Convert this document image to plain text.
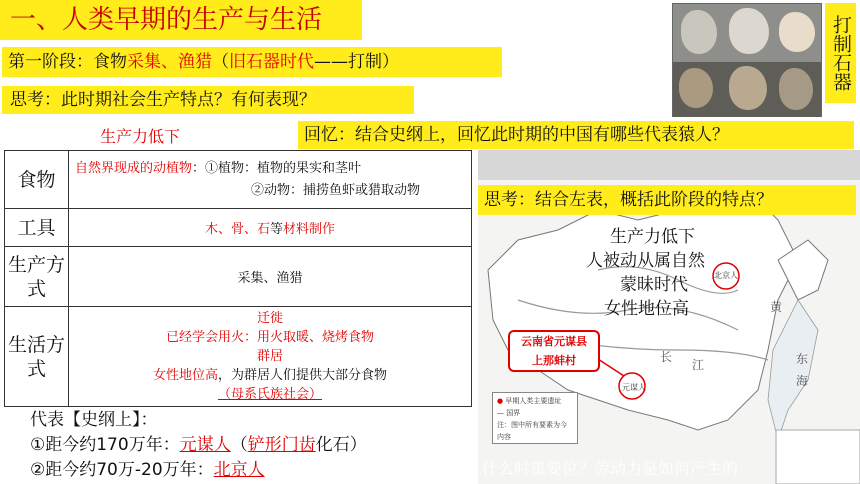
一、人类早期的生产与生活
第一阶段：食物采集、渔猎（旧石器时代——打制）
思考：此时期社会生产特点？有何表现？
生产力低下
食物	自然界现成的动植物：①植物：植物的果实和茎叶
②动物：捕捞鱼虾或猎取动物

工具	木、骨、石等材料制作
生产方式	采集、渔猎
生活方式	迁徙
已经学会用火：用火取暖、烧烤食物
群居
女性地位高，为群居人们提供大部分食物
（母系氏族社会）
代表【史纲上】：
①距今约170万年：元谋人（铲形门齿化石）
②距今约70万-20万年：北京人
打制石器
北京人
元谋人
黄
东
海
长
江
回忆：结合史纲上，回忆此时期的中国有哪些代表猿人？
思考：结合左表，概括此阶段的特点？
生产力低下
人被动从属自然
蒙昧时代
女性地位高
云南省元谋县
上那蚌村
● 早期人类主要遗址
— 国界
注：图中所有要素为今内容
什么时重要位？劳动力是如何产生的
